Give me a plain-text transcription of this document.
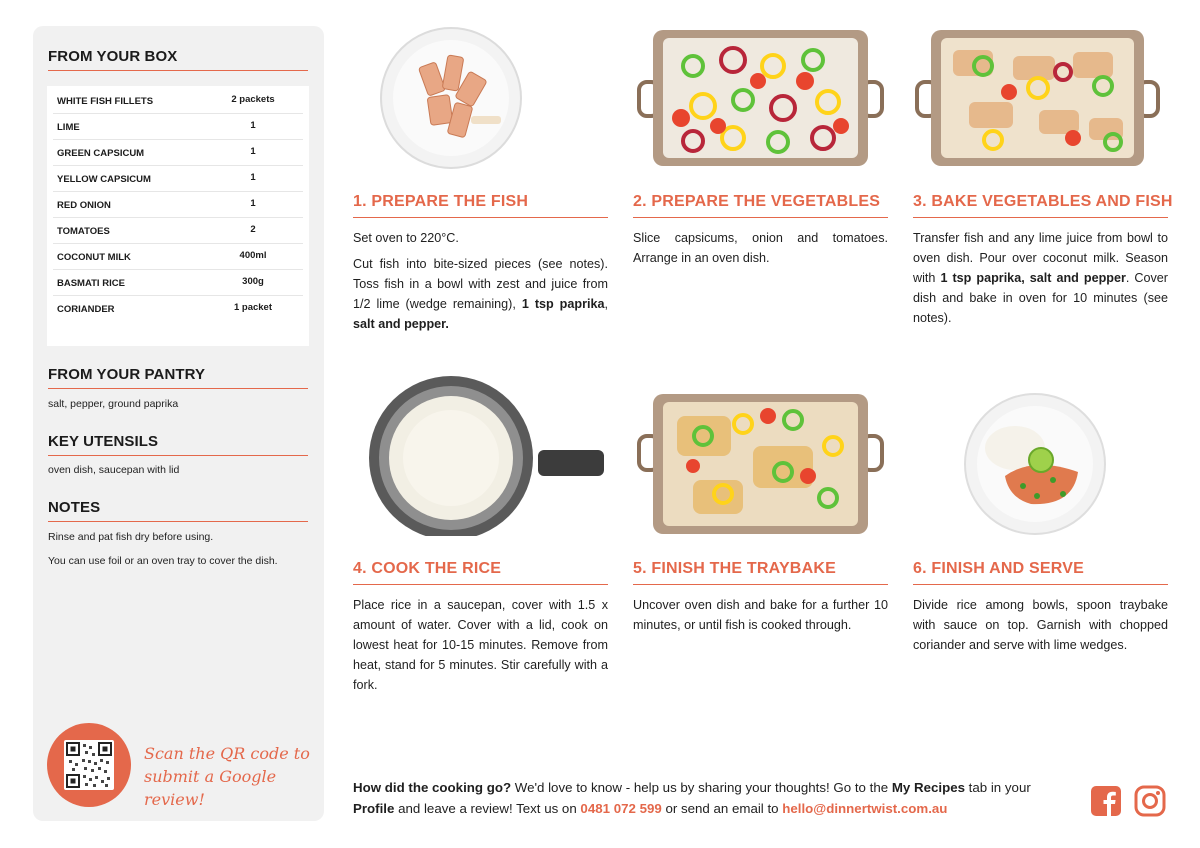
FROM YOUR BOX
WHITE FISH FILLETS	2 packets
LIME	1
GREEN CAPSICUM	1
YELLOW CAPSICUM	1
RED ONION	1
TOMATOES	2
COCONUT MILK	400ml
BASMATI RICE	300g
CORIANDER	1 packet
FROM YOUR PANTRY
salt, pepper, ground paprika
KEY UTENSILS
oven dish, saucepan with lid
NOTES
Rinse and pat fish dry before using.
You can use foil or an oven tray to cover the dish.
Scan the QR code to
submit a Google review!
1. PREPARE THE FISH

Set oven to 220°C.

Cut fish into bite-sized pieces (see notes). Toss fish in a bowl with zest and juice from 1/2 lime (wedge remaining), 1 tsp paprika, salt and pepper.

2. PREPARE THE VEGETABLES

Slice capsicums, onion and tomatoes. Arrange in an oven dish.

3. BAKE VEGETABLES AND FISH

Transfer fish and any lime juice from bowl to oven dish. Pour over coconut milk. Season with 1 tsp paprika, salt and pepper. Cover dish and bake in oven for 10 minutes (see notes).

4. COOK THE RICE

Place rice in a saucepan, cover with 1.5 x amount of water. Cover with a lid, cook on lowest heat for 10-15 minutes. Remove from heat, stand for 5 minutes. Stir carefully with a fork.

5. FINISH THE TRAYBAKE

Uncover oven dish and bake for a further 10 minutes, or until fish is cooked through.

6. FINISH AND SERVE

Divide rice among bowls, spoon traybake with sauce on top. Garnish with chopped coriander and serve with lime wedges.

How did the cooking go? We'd love to know - help us by sharing your thoughts! Go to the My Recipes tab in your Profile and leave a review! Text us on 0481 072 599 or send an email to hello@dinnertwist.com.au
